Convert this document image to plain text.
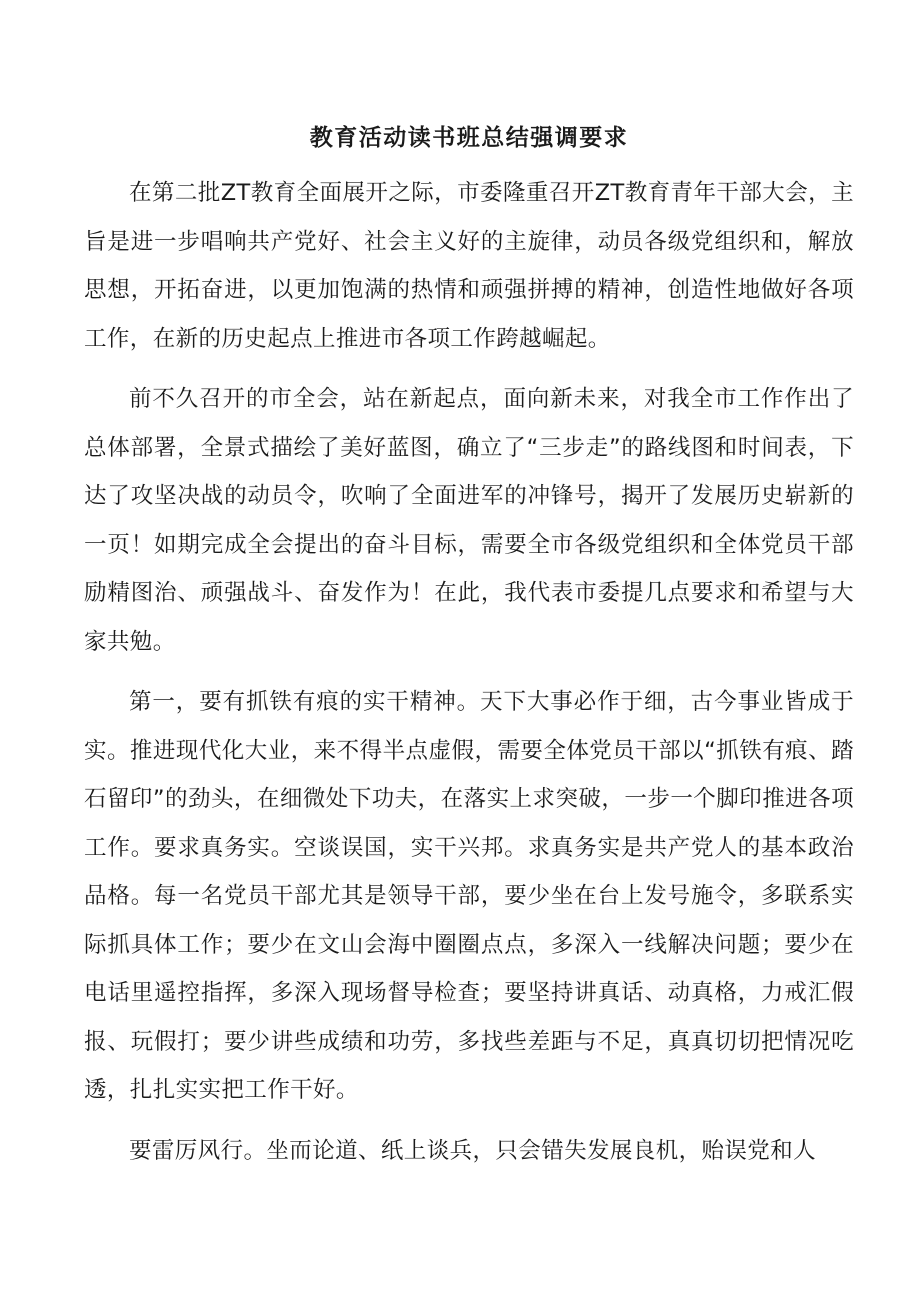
教育活动读书班总结强调要求

在第二批ZT教育全面展开之际，市委隆重召开ZT教育青年干部大会，主旨是进一步唱响共产党好、社会主义好的主旋律，动员各级党组织和，解放思想，开拓奋进，以更加饱满的热情和顽强拼搏的精神，创造性地做好各项工作，在新的历史起点上推进市各项工作跨越崛起。

前不久召开的市全会，站在新起点，面向新未来，对我全市工作作出了总体部署，全景式描绘了美好蓝图，确立了“三步走”的路线图和时间表，下达了攻坚决战的动员令，吹响了全面进军的冲锋号，揭开了发展历史崭新的一页！如期完成全会提出的奋斗目标，需要全市各级党组织和全体党员干部励精图治、顽强战斗、奋发作为！在此，我代表市委提几点要求和希望与大家共勉。

第一，要有抓铁有痕的实干精神。天下大事必作于细，古今事业皆成于实。推进现代化大业，来不得半点虚假，需要全体党员干部以“抓铁有痕、踏石留印”的劲头，在细微处下功夫，在落实上求突破，一步一个脚印推进各项工作。要求真务实。空谈误国，实干兴邦。求真务实是共产党人的基本政治品格。每一名党员干部尤其是领导干部，要少坐在台上发号施令，多联系实际抓具体工作；要少在文山会海中圈圈点点，多深入一线解决问题；要少在电话里遥控指挥，多深入现场督导检查；要坚持讲真话、动真格，力戒汇假报、玩假打；要少讲些成绩和功劳，多找些差距与不足，真真切切把情况吃透，扎扎实实把工作干好。

要雷厉风行。坐而论道、纸上谈兵，只会错失发展良机，贻误党和人
